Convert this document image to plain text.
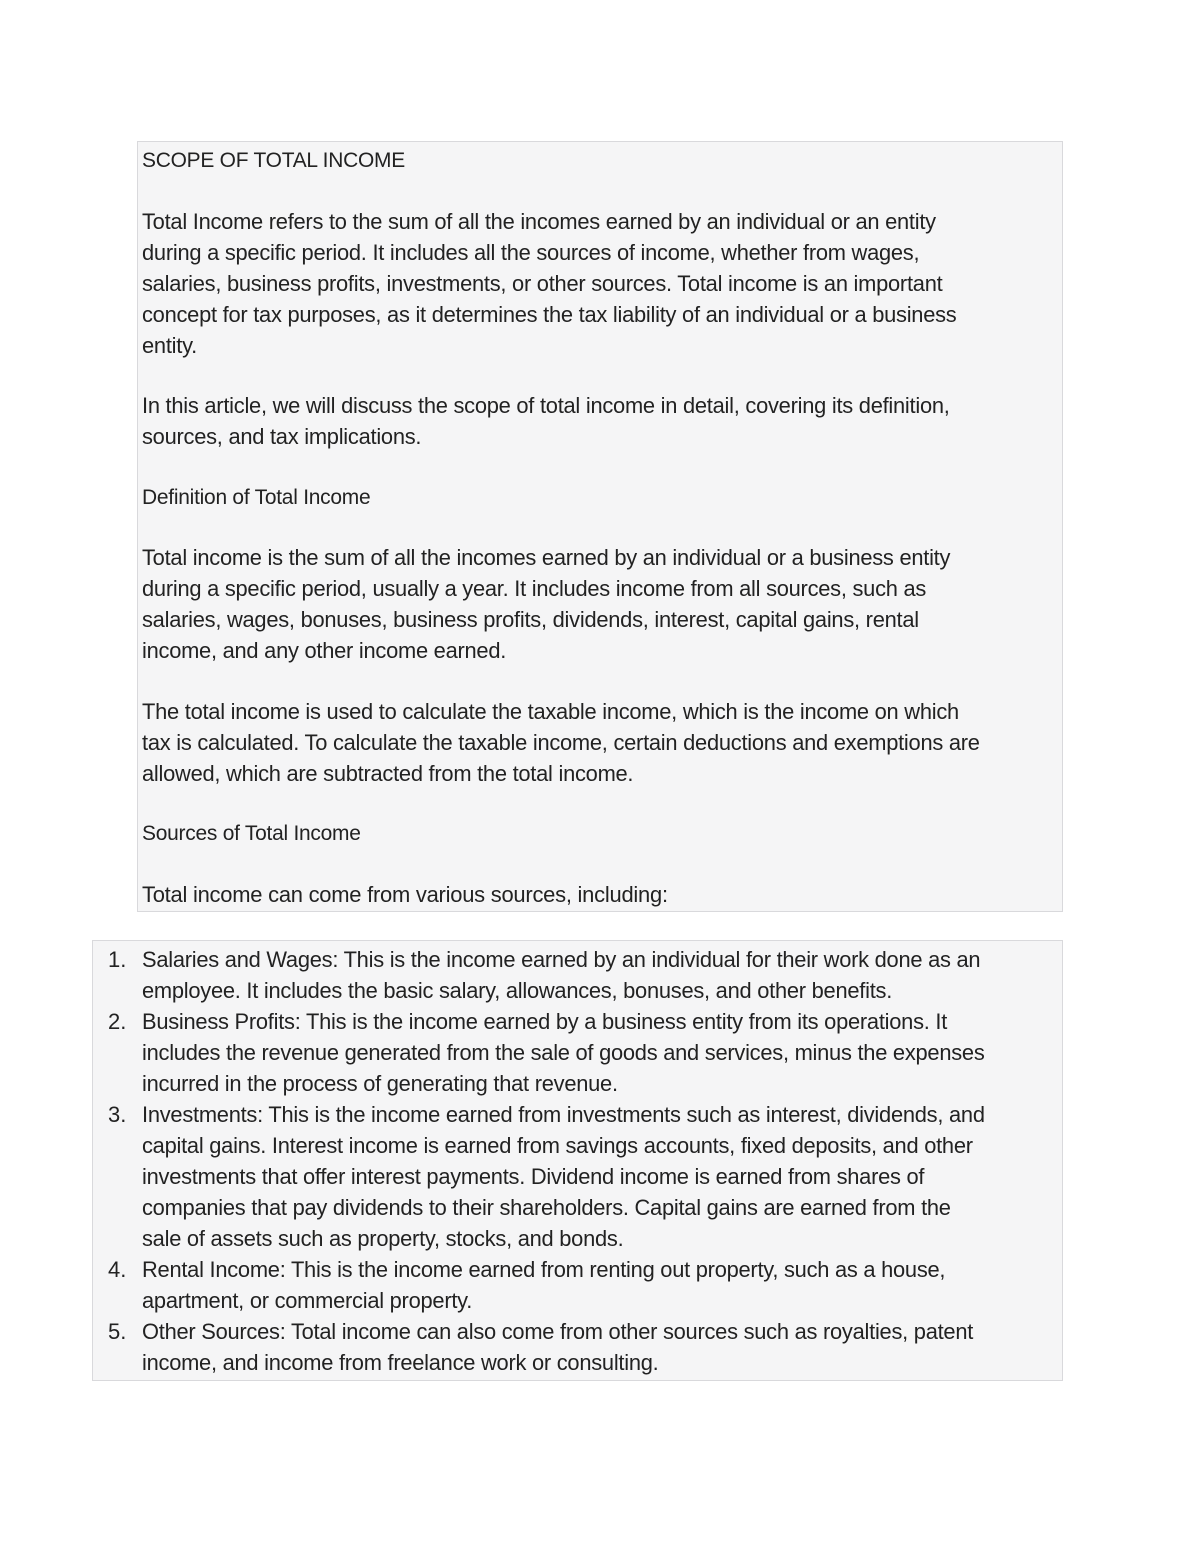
SCOPE OF TOTAL INCOME
Total Income refers to the sum of all the incomes earned by an individual or an entity
during a specific period. It includes all the sources of income, whether from wages,
salaries, business profits, investments, or other sources. Total income is an important
concept for tax purposes, as it determines the tax liability of an individual or a business
entity.
In this article, we will discuss the scope of total income in detail, covering its definition,
sources, and tax implications.
Definition of Total Income
Total income is the sum of all the incomes earned by an individual or a business entity
during a specific period, usually a year. It includes income from all sources, such as
salaries, wages, bonuses, business profits, dividends, interest, capital gains, rental
income, and any other income earned.
The total income is used to calculate the taxable income, which is the income on which
tax is calculated. To calculate the taxable income, certain deductions and exemptions are
allowed, which are subtracted from the total income.
Sources of Total Income
Total income can come from various sources, including:
1. Salaries and Wages: This is the income earned by an individual for their work done as an
employee. It includes the basic salary, allowances, bonuses, and other benefits.
2. Business Profits: This is the income earned by a business entity from its operations. It
includes the revenue generated from the sale of goods and services, minus the expenses
incurred in the process of generating that revenue.
3. Investments: This is the income earned from investments such as interest, dividends, and
capital gains. Interest income is earned from savings accounts, fixed deposits, and other
investments that offer interest payments. Dividend income is earned from shares of
companies that pay dividends to their shareholders. Capital gains are earned from the
sale of assets such as property, stocks, and bonds.
4. Rental Income: This is the income earned from renting out property, such as a house,
apartment, or commercial property.
5. Other Sources: Total income can also come from other sources such as royalties, patent
income, and income from freelance work or consulting.
